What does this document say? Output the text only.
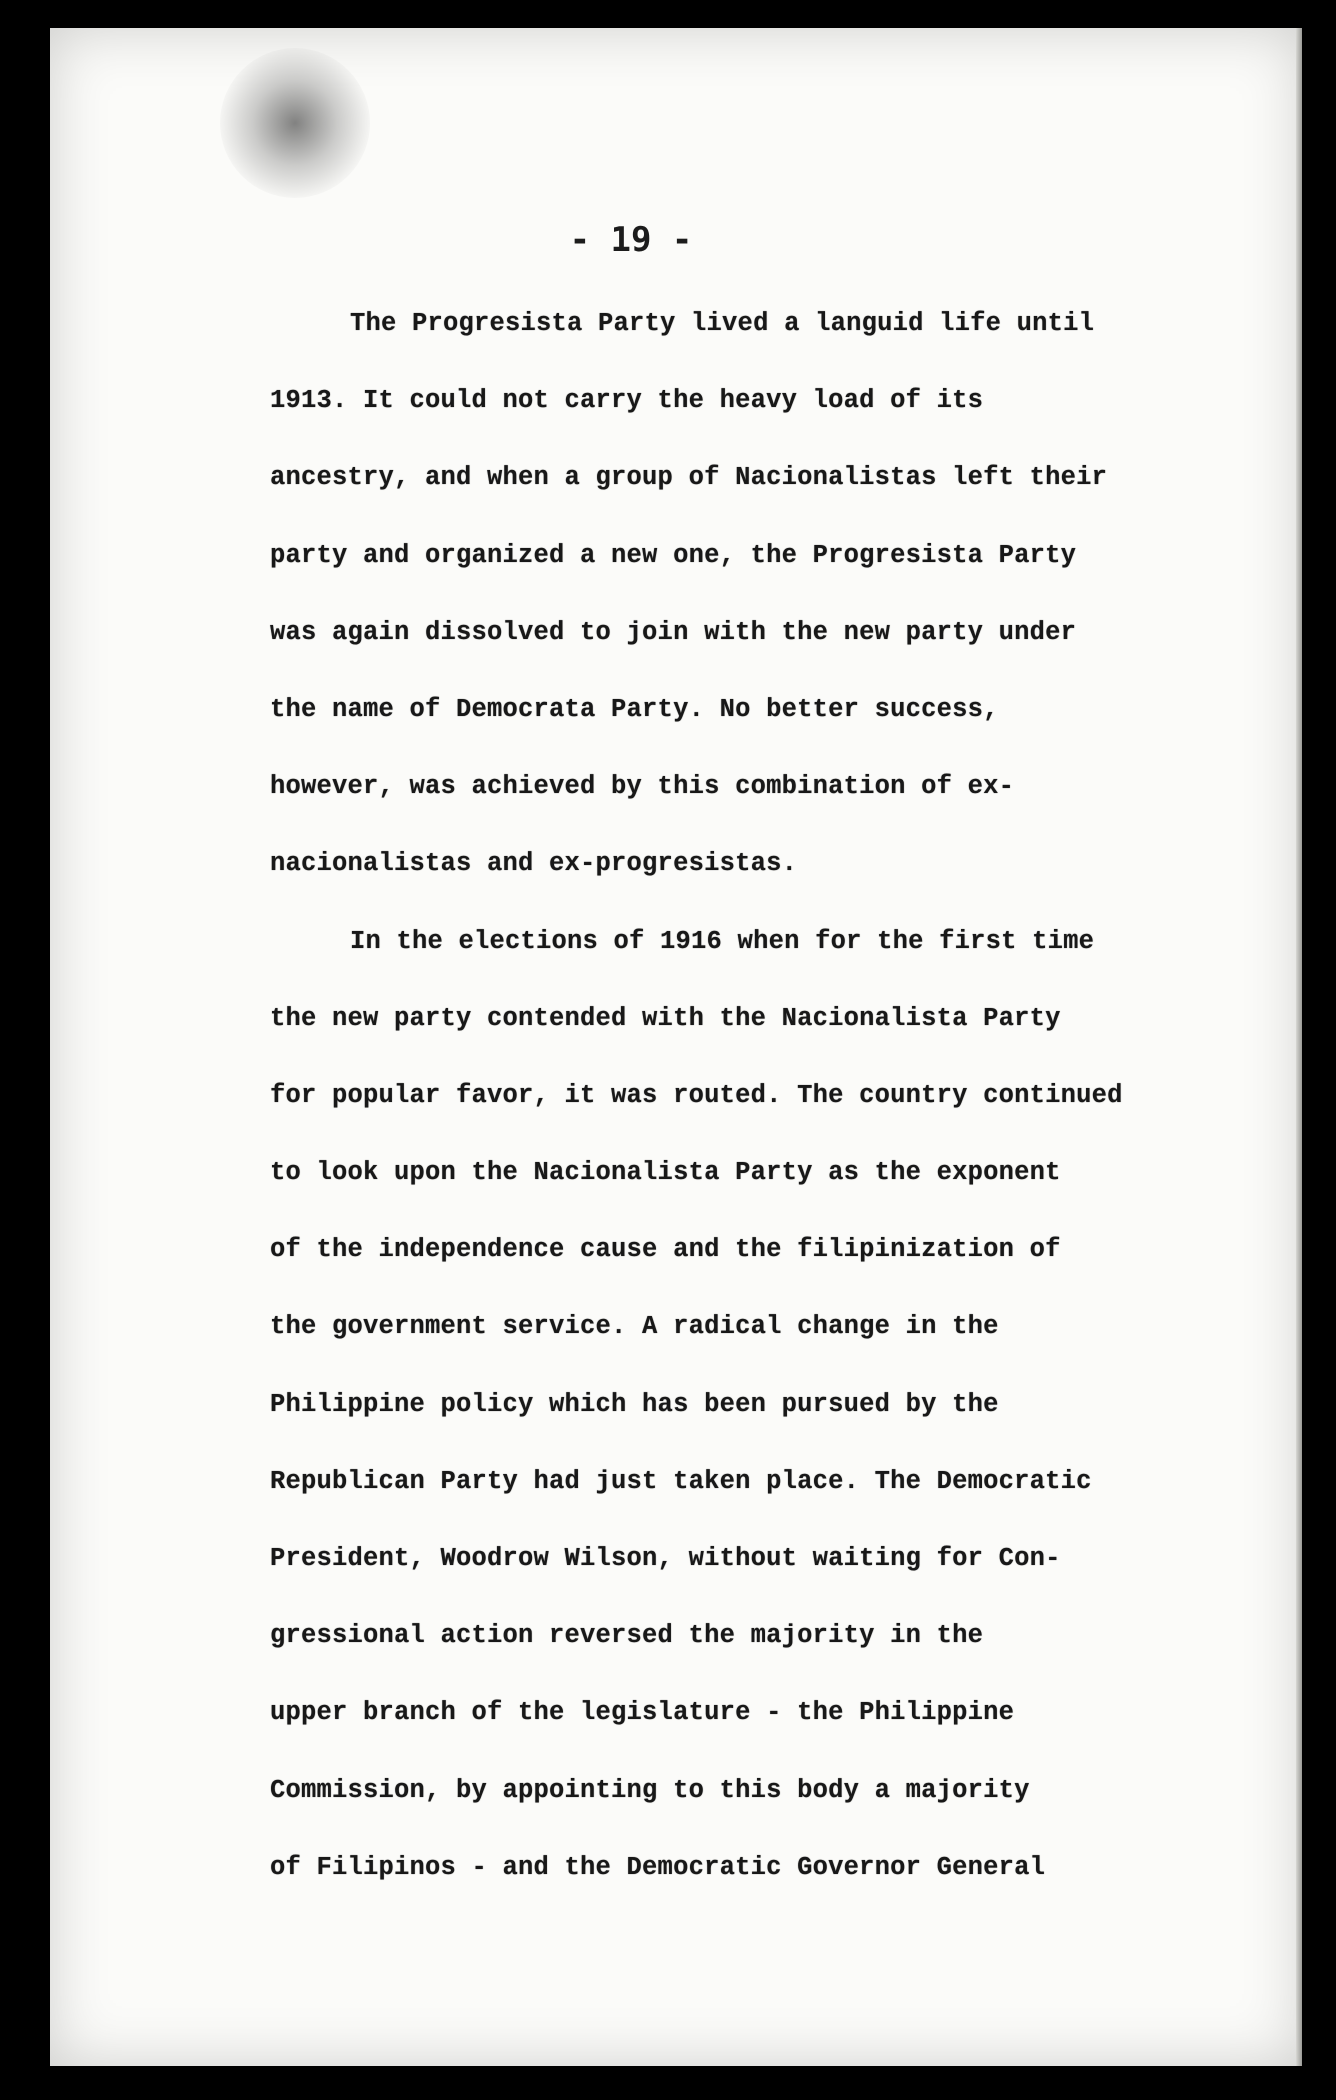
- 19 -
The Progresista Party lived a languid life until
1913. It could not carry the heavy load of its
ancestry, and when a group of Nacionalistas left their
party and organized a new one, the Progresista Party
was again dissolved to join with the new party under
the name of Democrata Party. No better success,
however, was achieved by this combination of ex-
nacionalistas and ex-progresistas.
In the elections of 1916 when for the first time
the new party contended with the Nacionalista Party
for popular favor, it was routed. The country continued
to look upon the Nacionalista Party as the exponent
of the independence cause and the filipinization of
the government service. A radical change in the
Philippine policy which has been pursued by the
Republican Party had just taken place. The Democratic
President, Woodrow Wilson, without waiting for Con-
gressional action reversed the majority in the
upper branch of the legislature - the Philippine
Commission, by appointing to this body a majority
of Filipinos - and the Democratic Governor General
